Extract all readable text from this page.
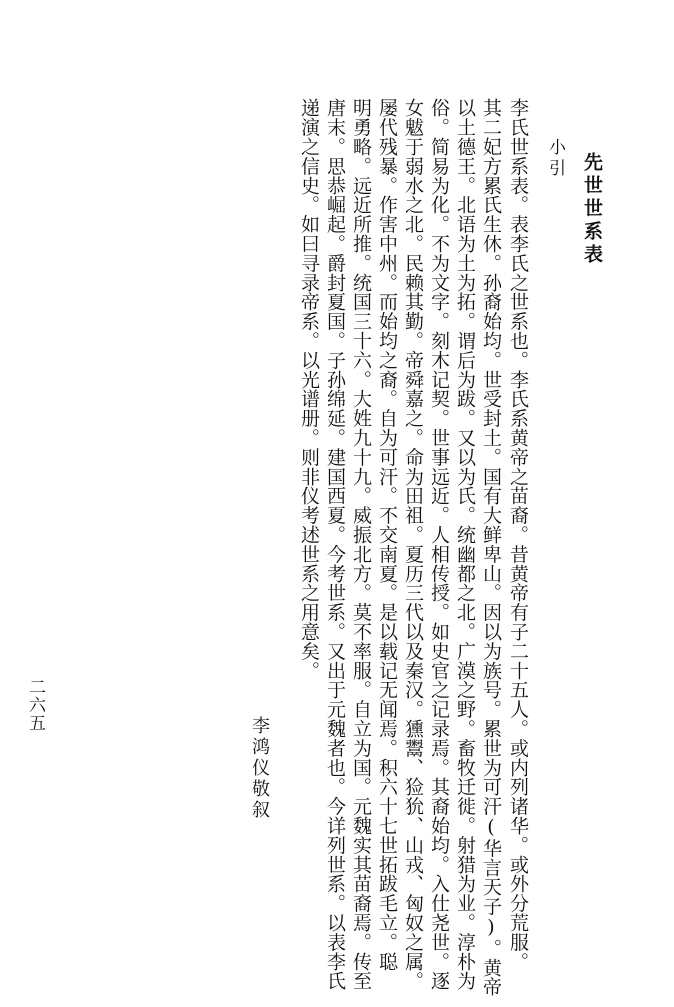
先世世系表
小引
李氏世系表。表李氏之世系也。李氏系黄帝之苗裔。昔黄帝有子二十五人。或内列诸华。或外分荒服。
其二妃方累氏生休。孙裔始均。世受封土。国有大鲜卑山。因以为族号。累世为可汗(华言天子)。黄帝
以土德王。北语为土为拓。谓后为跋。又以为氏。统幽都之北。广漠之野。畜牧迁徙。射猎为业。淳朴为
俗。简易为化。不为文字。刻木记契。世事远近。人相传授。如史官之记录焉。其裔始均。入仕尧世。逐
女魃于弱水之北。民赖其勤。帝舜嘉之。命为田祖。夏历三代以及秦汉。獯鬻、猃狁、山戎、匈奴之属。
屡代残暴。作害中州。而始均之裔。自为可汗。不交南夏。是以载记无闻焉。积六十七世拓跋毛立。聪
明勇略。远近所推。统国三十六。大姓九十九。威振北方。莫不率服。自立为国。元魏实其苗裔焉。传至
唐末。思恭崛起。爵封夏国。子孙绵延。建国西夏。今考世系。又出于元魏者也。今详列世系。以表李氏
递演之信史。如曰寻录帝系。以光谱册。则非仪考述世系之用意矣。
李鸿仪敬叙
二六五
